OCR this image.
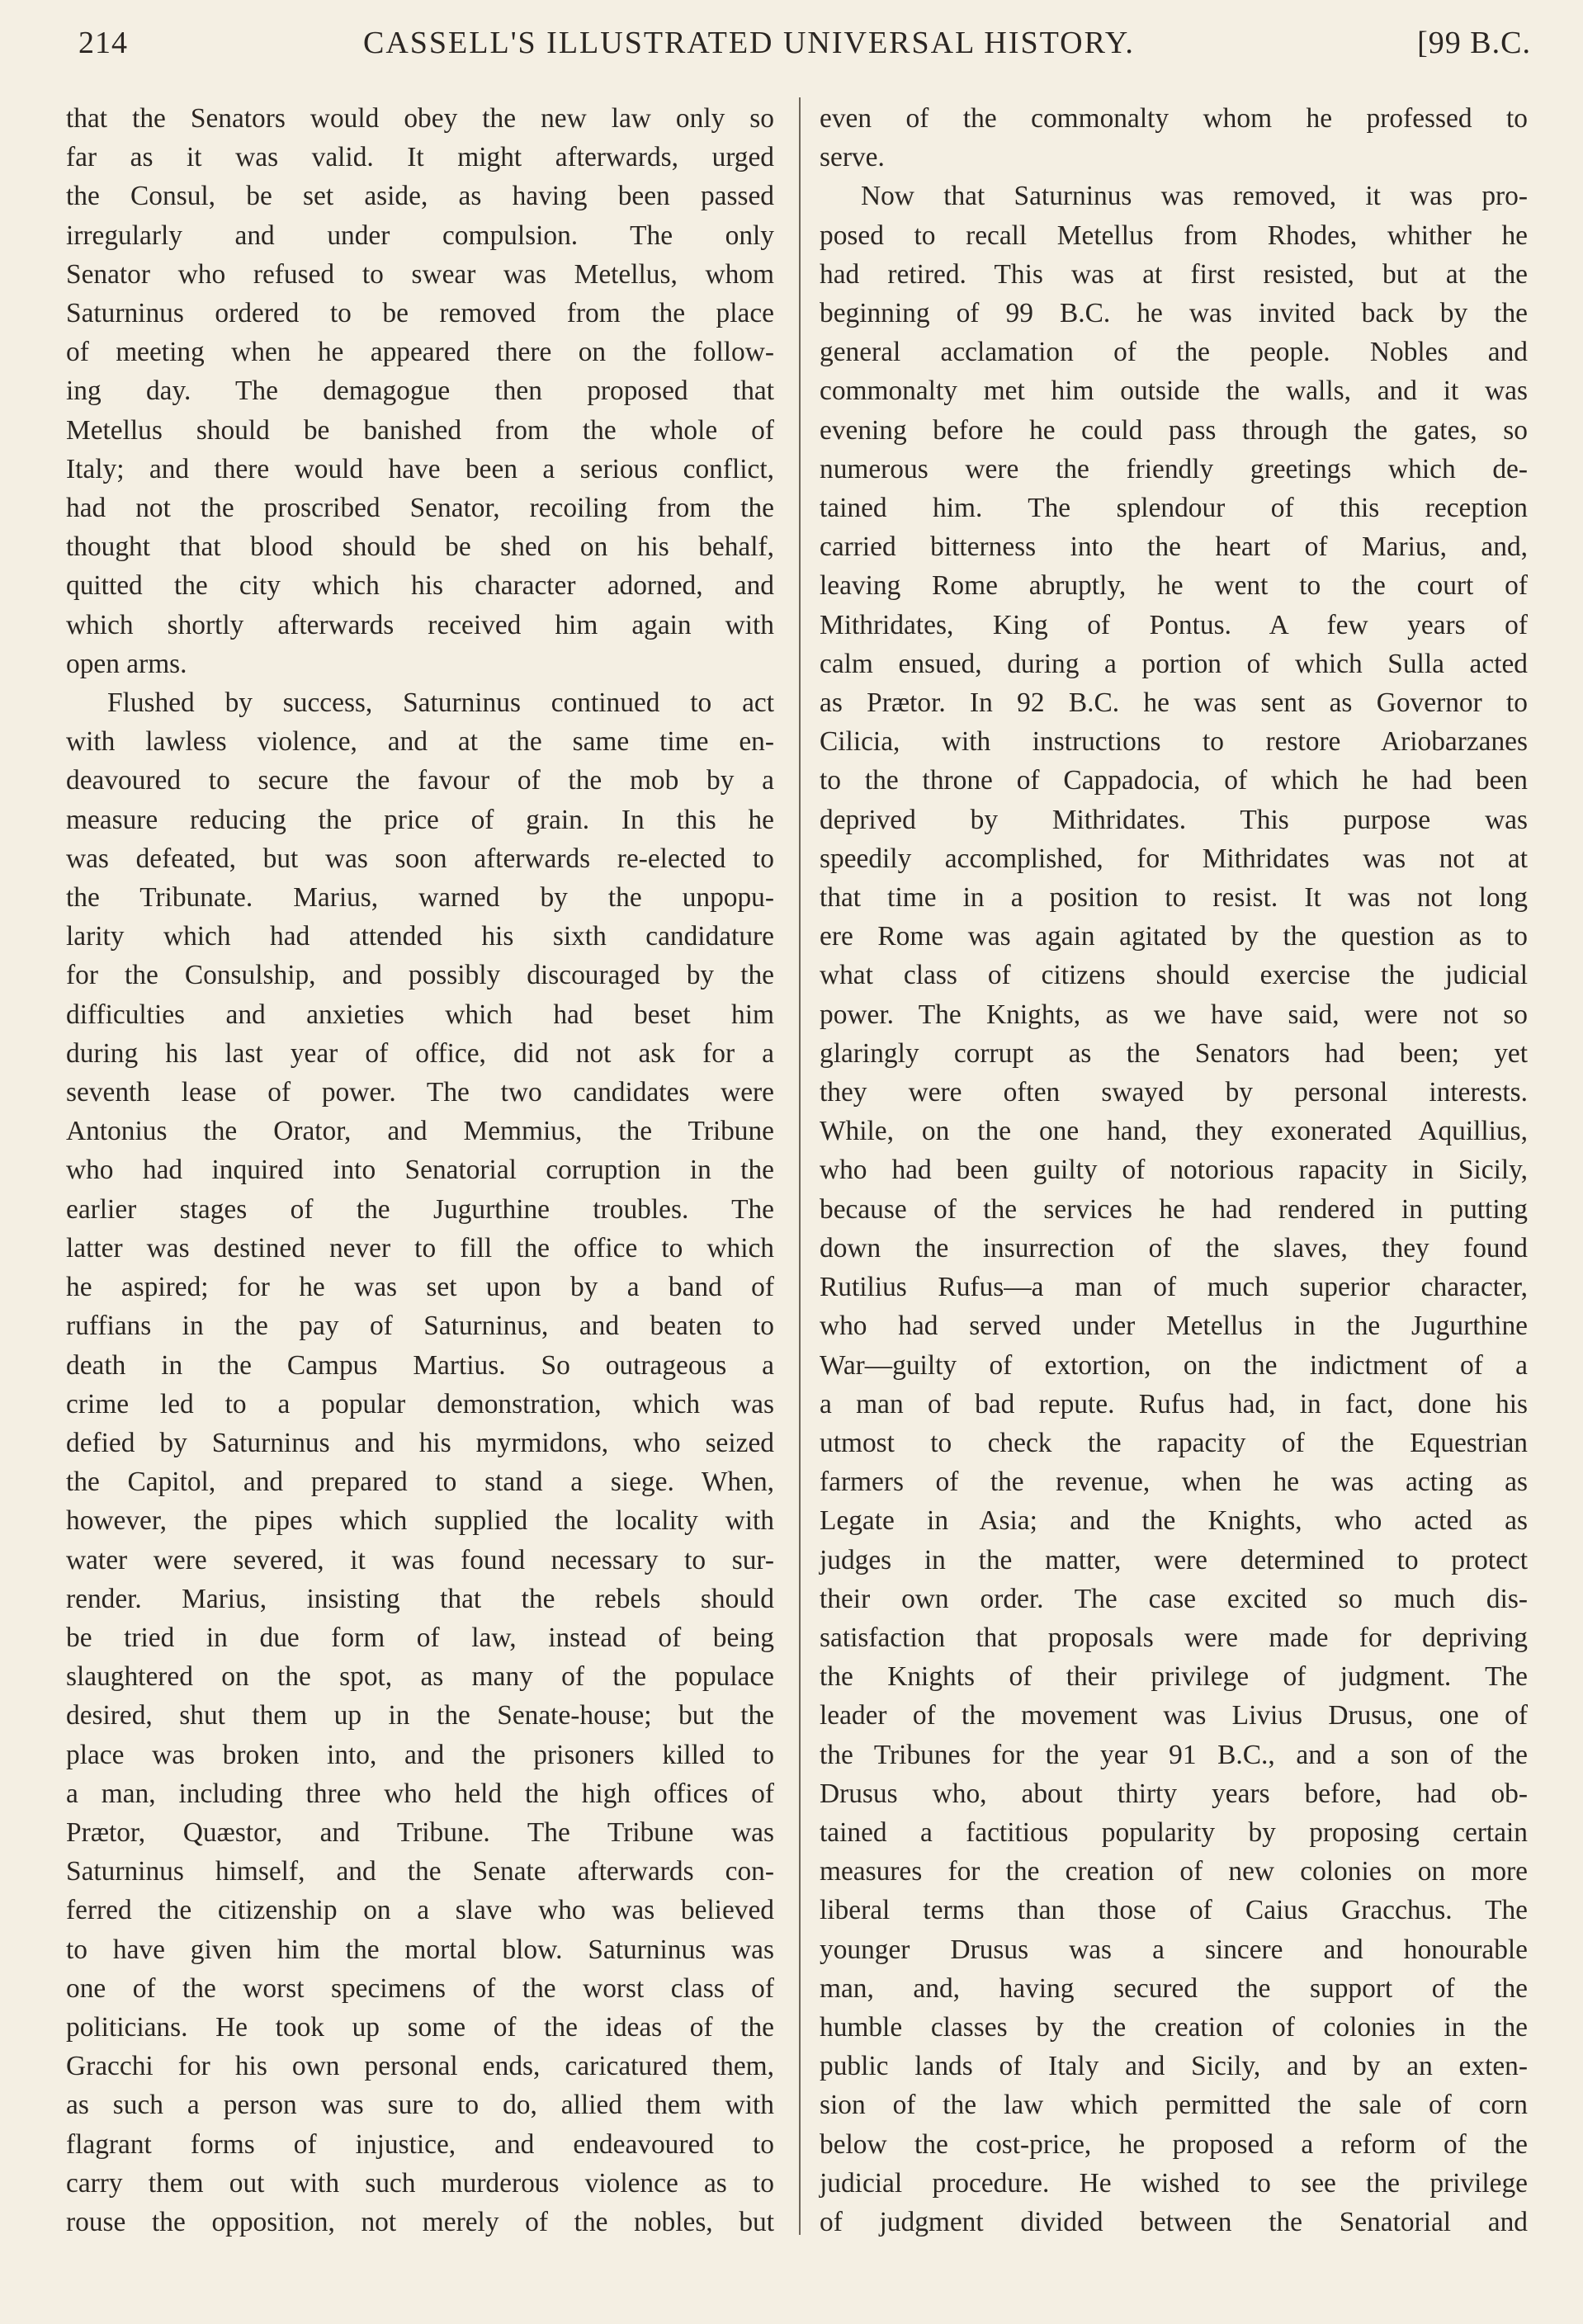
214	CASSELL'S ILLUSTRATED UNIVERSAL HISTORY.	[99 B.C.
that the Senators would obey the new law only so
far as it was valid. It might afterwards, urged
the Consul, be set aside, as having been passed
irregularly and under compulsion. The only
Senator who refused to swear was Metellus, whom
Saturninus ordered to be removed from the place
of meeting when he appeared there on the follow-
ing day. The demagogue then proposed that
Metellus should be banished from the whole of
Italy; and there would have been a serious conflict,
had not the proscribed Senator, recoiling from the
thought that blood should be shed on his behalf,
quitted the city which his character adorned, and
which shortly afterwards received him again with
open arms.
Flushed by success, Saturninus continued to act
with lawless violence, and at the same time en-
deavoured to secure the favour of the mob by a
measure reducing the price of grain. In this he
was defeated, but was soon afterwards re-elected to
the Tribunate. Marius, warned by the unpopu-
larity which had attended his sixth candidature
for the Consulship, and possibly discouraged by the
difficulties and anxieties which had beset him
during his last year of office, did not ask for a
seventh lease of power. The two candidates were
Antonius the Orator, and Memmius, the Tribune
who had inquired into Senatorial corruption in the
earlier stages of the Jugurthine troubles. The
latter was destined never to fill the office to which
he aspired; for he was set upon by a band of
ruffians in the pay of Saturninus, and beaten to
death in the Campus Martius. So outrageous a
crime led to a popular demonstration, which was
defied by Saturninus and his myrmidons, who seized
the Capitol, and prepared to stand a siege. When,
however, the pipes which supplied the locality with
water were severed, it was found necessary to sur-
render. Marius, insisting that the rebels should
be tried in due form of law, instead of being
slaughtered on the spot, as many of the populace
desired, shut them up in the Senate-house; but the
place was broken into, and the prisoners killed to
a man, including three who held the high offices of
Prætor, Quæstor, and Tribune. The Tribune was
Saturninus himself, and the Senate afterwards con-
ferred the citizenship on a slave who was believed
to have given him the mortal blow. Saturninus was
one of the worst specimens of the worst class of
politicians. He took up some of the ideas of the
Gracchi for his own personal ends, caricatured them,
as such a person was sure to do, allied them with
flagrant forms of injustice, and endeavoured to
carry them out with such murderous violence as to
rouse the opposition, not merely of the nobles, but
even of the commonalty whom he professed to
serve.
Now that Saturninus was removed, it was pro-
posed to recall Metellus from Rhodes, whither he
had retired. This was at first resisted, but at the
beginning of 99 B.C. he was invited back by the
general acclamation of the people. Nobles and
commonalty met him outside the walls, and it was
evening before he could pass through the gates, so
numerous were the friendly greetings which de-
tained him. The splendour of this reception
carried bitterness into the heart of Marius, and,
leaving Rome abruptly, he went to the court of
Mithridates, King of Pontus. A few years of
calm ensued, during a portion of which Sulla acted
as Prætor. In 92 B.C. he was sent as Governor to
Cilicia, with instructions to restore Ariobarzanes
to the throne of Cappadocia, of which he had been
deprived by Mithridates. This purpose was
speedily accomplished, for Mithridates was not at
that time in a position to resist. It was not long
ere Rome was again agitated by the question as to
what class of citizens should exercise the judicial
power. The Knights, as we have said, were not so
glaringly corrupt as the Senators had been; yet
they were often swayed by personal interests.
While, on the one hand, they exonerated Aquillius,
who had been guilty of notorious rapacity in Sicily,
because of the services he had rendered in putting
down the insurrection of the slaves, they found
Rutilius Rufus—a man of much superior character,
who had served under Metellus in the Jugurthine
War—guilty of extortion, on the indictment of a
a man of bad repute. Rufus had, in fact, done his
utmost to check the rapacity of the Equestrian
farmers of the revenue, when he was acting as
Legate in Asia; and the Knights, who acted as
judges in the matter, were determined to protect
their own order. The case excited so much dis-
satisfaction that proposals were made for depriving
the Knights of their privilege of judgment. The
leader of the movement was Livius Drusus, one of
the Tribunes for the year 91 B.C., and a son of the
Drusus who, about thirty years before, had ob-
tained a factitious popularity by proposing certain
measures for the creation of new colonies on more
liberal terms than those of Caius Gracchus. The
younger Drusus was a sincere and honourable
man, and, having secured the support of the
humble classes by the creation of colonies in the
public lands of Italy and Sicily, and by an exten-
sion of the law which permitted the sale of corn
below the cost-price, he proposed a reform of the
judicial procedure. He wished to see the privilege
of judgment divided between the Senatorial and
